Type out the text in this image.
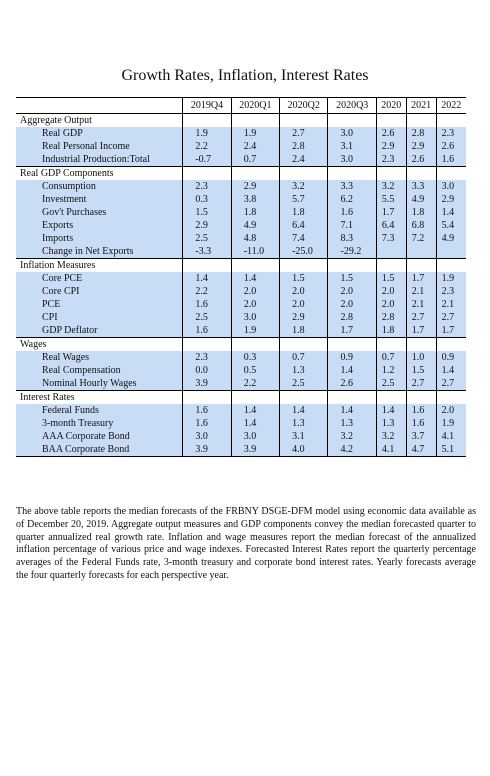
Growth Rates, Inflation, Interest Rates
	2019Q4	2020Q1	2020Q2	2020Q3	2020	2021	2022
Aggregate Output							
Real GDP	1.9	1.9	2.7	3.0	2.6	2.8	2.3
Real Personal Income	2.2	2.4	2.8	3.1	2.9	2.9	2.6
Industrial Production:Total	-0.7	0.7	2.4	3.0	2.3	2.6	1.6
Real GDP Components							
Consumption	2.3	2.9	3.2	3.3	3.2	3.3	3.0
Investment	0.3	3.8	5.7	6.2	5.5	4.9	2.9
Gov't Purchases	1.5	1.8	1.8	1.6	1.7	1.8	1.4
Exports	2.9	4.9	6.4	7.1	6.4	6.8	5.4
Imports	2.5	4.8	7.4	8.3	7.3	7.2	4.9
Change in Net Exports	-3.3	-11.0	-25.0	-29.2			
Inflation Measures							
Core PCE	1.4	1.4	1.5	1.5	1.5	1.7	1.9
Core CPI	2.2	2.0	2.0	2.0	2.0	2.1	2.3
PCE	1.6	2.0	2.0	2.0	2.0	2.1	2.1
CPI	2.5	3.0	2.9	2.8	2.8	2.7	2.7
GDP Deflator	1.6	1.9	1.8	1.7	1.8	1.7	1.7
Wages							
Real Wages	2.3	0.3	0.7	0.9	0.7	1.0	0.9
Real Compensation	0.0	0.5	1.3	1.4	1.2	1.5	1.4
Nominal Hourly Wages	3.9	2.2	2.5	2.6	2.5	2.7	2.7
Interest Rates							
Federal Funds	1.6	1.4	1.4	1.4	1.4	1.6	2.0
3-month Treasury	1.6	1.4	1.3	1.3	1.3	1.6	1.9
AAA Corporate Bond	3.0	3.0	3.1	3.2	3.2	3.7	4.1
BAA Corporate Bond	3.9	3.9	4.0	4.2	4.1	4.7	5.1
The above table reports the median forecasts of the FRBNY DSGE-DFM model using economic data available as of December 20, 2019. Aggregate output measures and GDP components convey the median forecasted quarter to quarter annualized real growth rate. Inflation and wage measures report the median forecast of the annualized inflation percentage of various price and wage indexes. Forecasted Interest Rates report the quarterly percentage averages of the Federal Funds rate, 3-month treasury and corporate bond interest rates. Yearly forecasts average the four quarterly forecasts for each perspective year.
